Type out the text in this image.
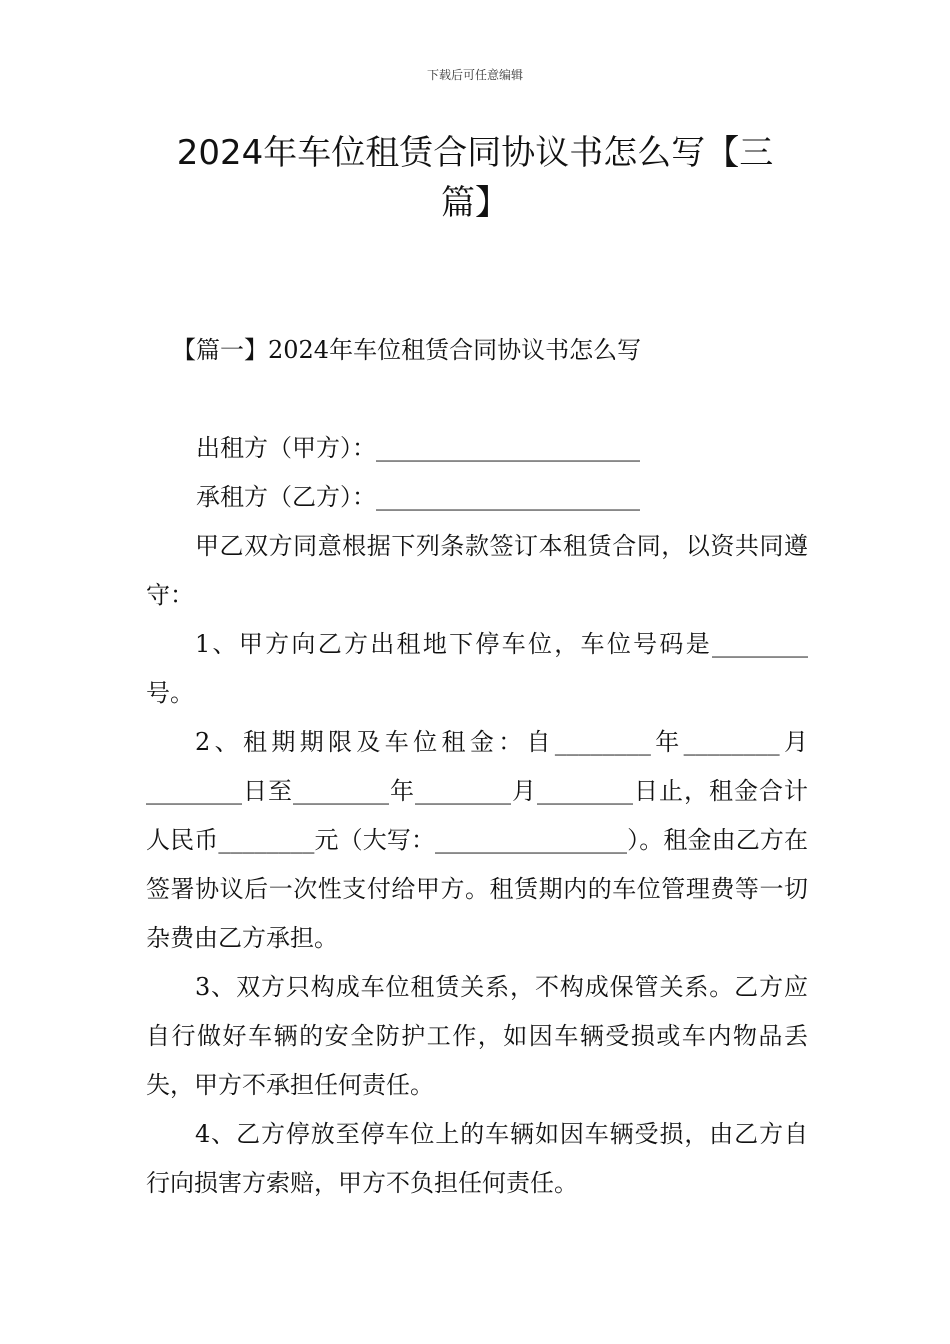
下载后可任意编辑
2024年车位租赁合同协议书怎么写【三
篇】
【篇一】2024年车位租赁合同协议书怎么写
出租方（甲方）：______________________
承租方（乙方）：______________________

甲乙双方同意根据下列条款签订本租赁合同，以资共同遵守：

1、甲方向乙方出租地下停车位，车位号码是________号。

2、租期期限及车位租金：自________年________月________日至________年________月________日止，租金合计人民币________元（大写：________________）。租金由乙方在签署协议后一次性支付给甲方。租赁期内的车位管理费等一切杂费由乙方承担。

3、双方只构成车位租赁关系，不构成保管关系。乙方应自行做好车辆的安全防护工作，如因车辆受损或车内物品丢失，甲方不承担任何责任。

4、乙方停放至停车位上的车辆如因车辆受损，由乙方自行向损害方索赔，甲方不负担任何责任。
